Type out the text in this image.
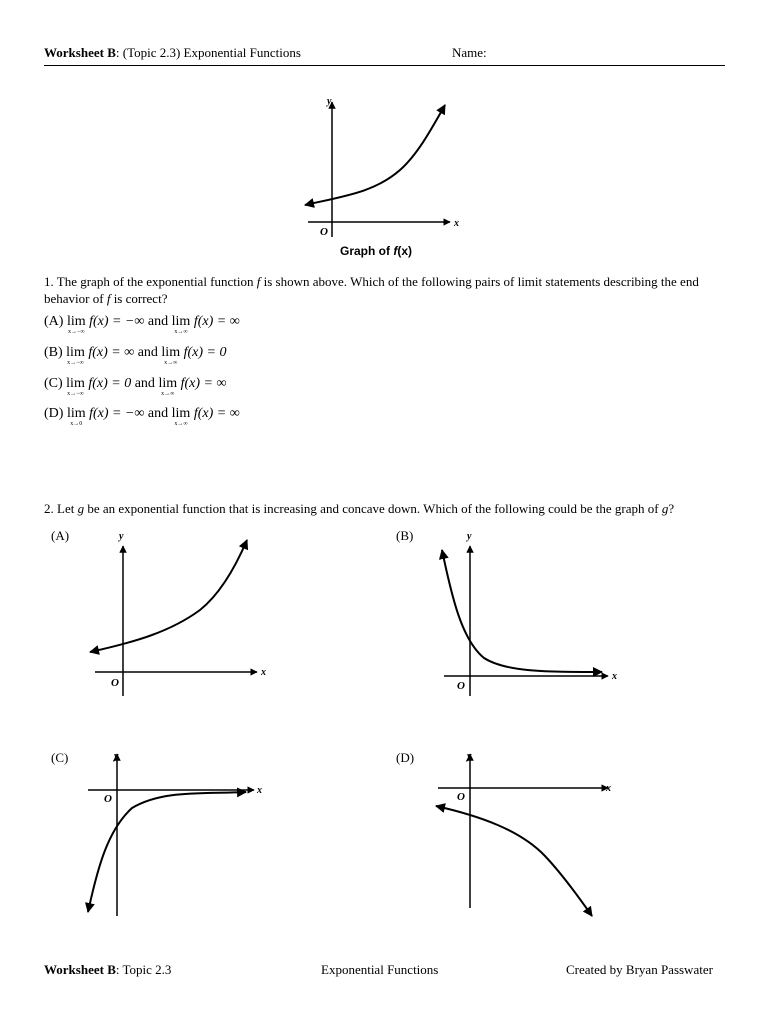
Worksheet B: (Topic 2.3) Exponential Functions	Name:
y
x
O
Graph of f(x)
1. The graph of the exponential function f is shown above. Which of the following pairs of limit statements describing the end behavior of f is correct?
(A) lim
x→−∞
f(x) = −∞ and lim
x→∞
f(x) = ∞
(B) lim
x→−∞
f(x) = ∞ and lim
x→∞
f(x) = 0
(C) lim
x→−∞
f(x) = 0 and lim
x→∞
f(x) = ∞
(D) lim
x→0
f(x) = −∞ and lim
x→∞
f(x) = ∞
2. Let g be an exponential function that is increasing and concave down. Which of the following could be the graph of g?
(A)	y
x
O
(B)	y
x
O
(C)	y
x
O
(D)	y
x
O
Worksheet B: Topic 2.3	Exponential Functions	Created by Bryan Passwater
